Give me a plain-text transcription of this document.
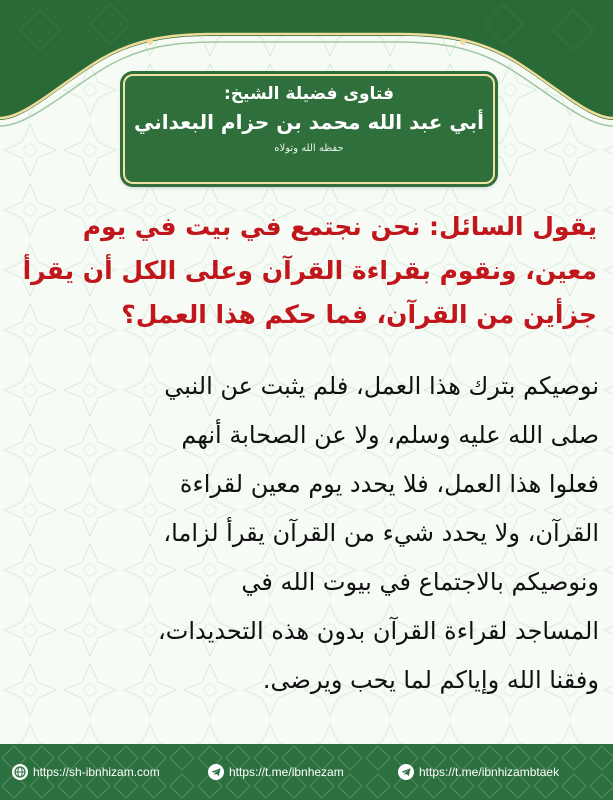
فتاوى فضيلة الشيخ:
أبي عبد الله محمد بن حزام البعداني
حفظه الله وتولاه
يقول السائل: نحن نجتمع في بيت في يوم
معين، ونقوم بقراءة القرآن وعلى الكل أن يقرأ
جزأين من القرآن، فما حكم هذا العمل؟
نوصيكم بترك هذا العمل، فلم يثبت عن النبي
صلى الله عليه وسلم، ولا عن الصحابة أنهم
فعلوا هذا العمل، فلا يحدد يوم معين لقراءة
القرآن، ولا يحدد شيء من القرآن يقرأ لزاما،
ونوصيكم بالاجتماع في بيوت الله في
المساجد لقراءة القرآن بدون هذه التحديدات،
وفقنا الله وإياكم لما يحب ويرضى.
https://sh-ibnhizam.com	https://t.me/ibnhezam	https://t.me/ibnhizambtaek
